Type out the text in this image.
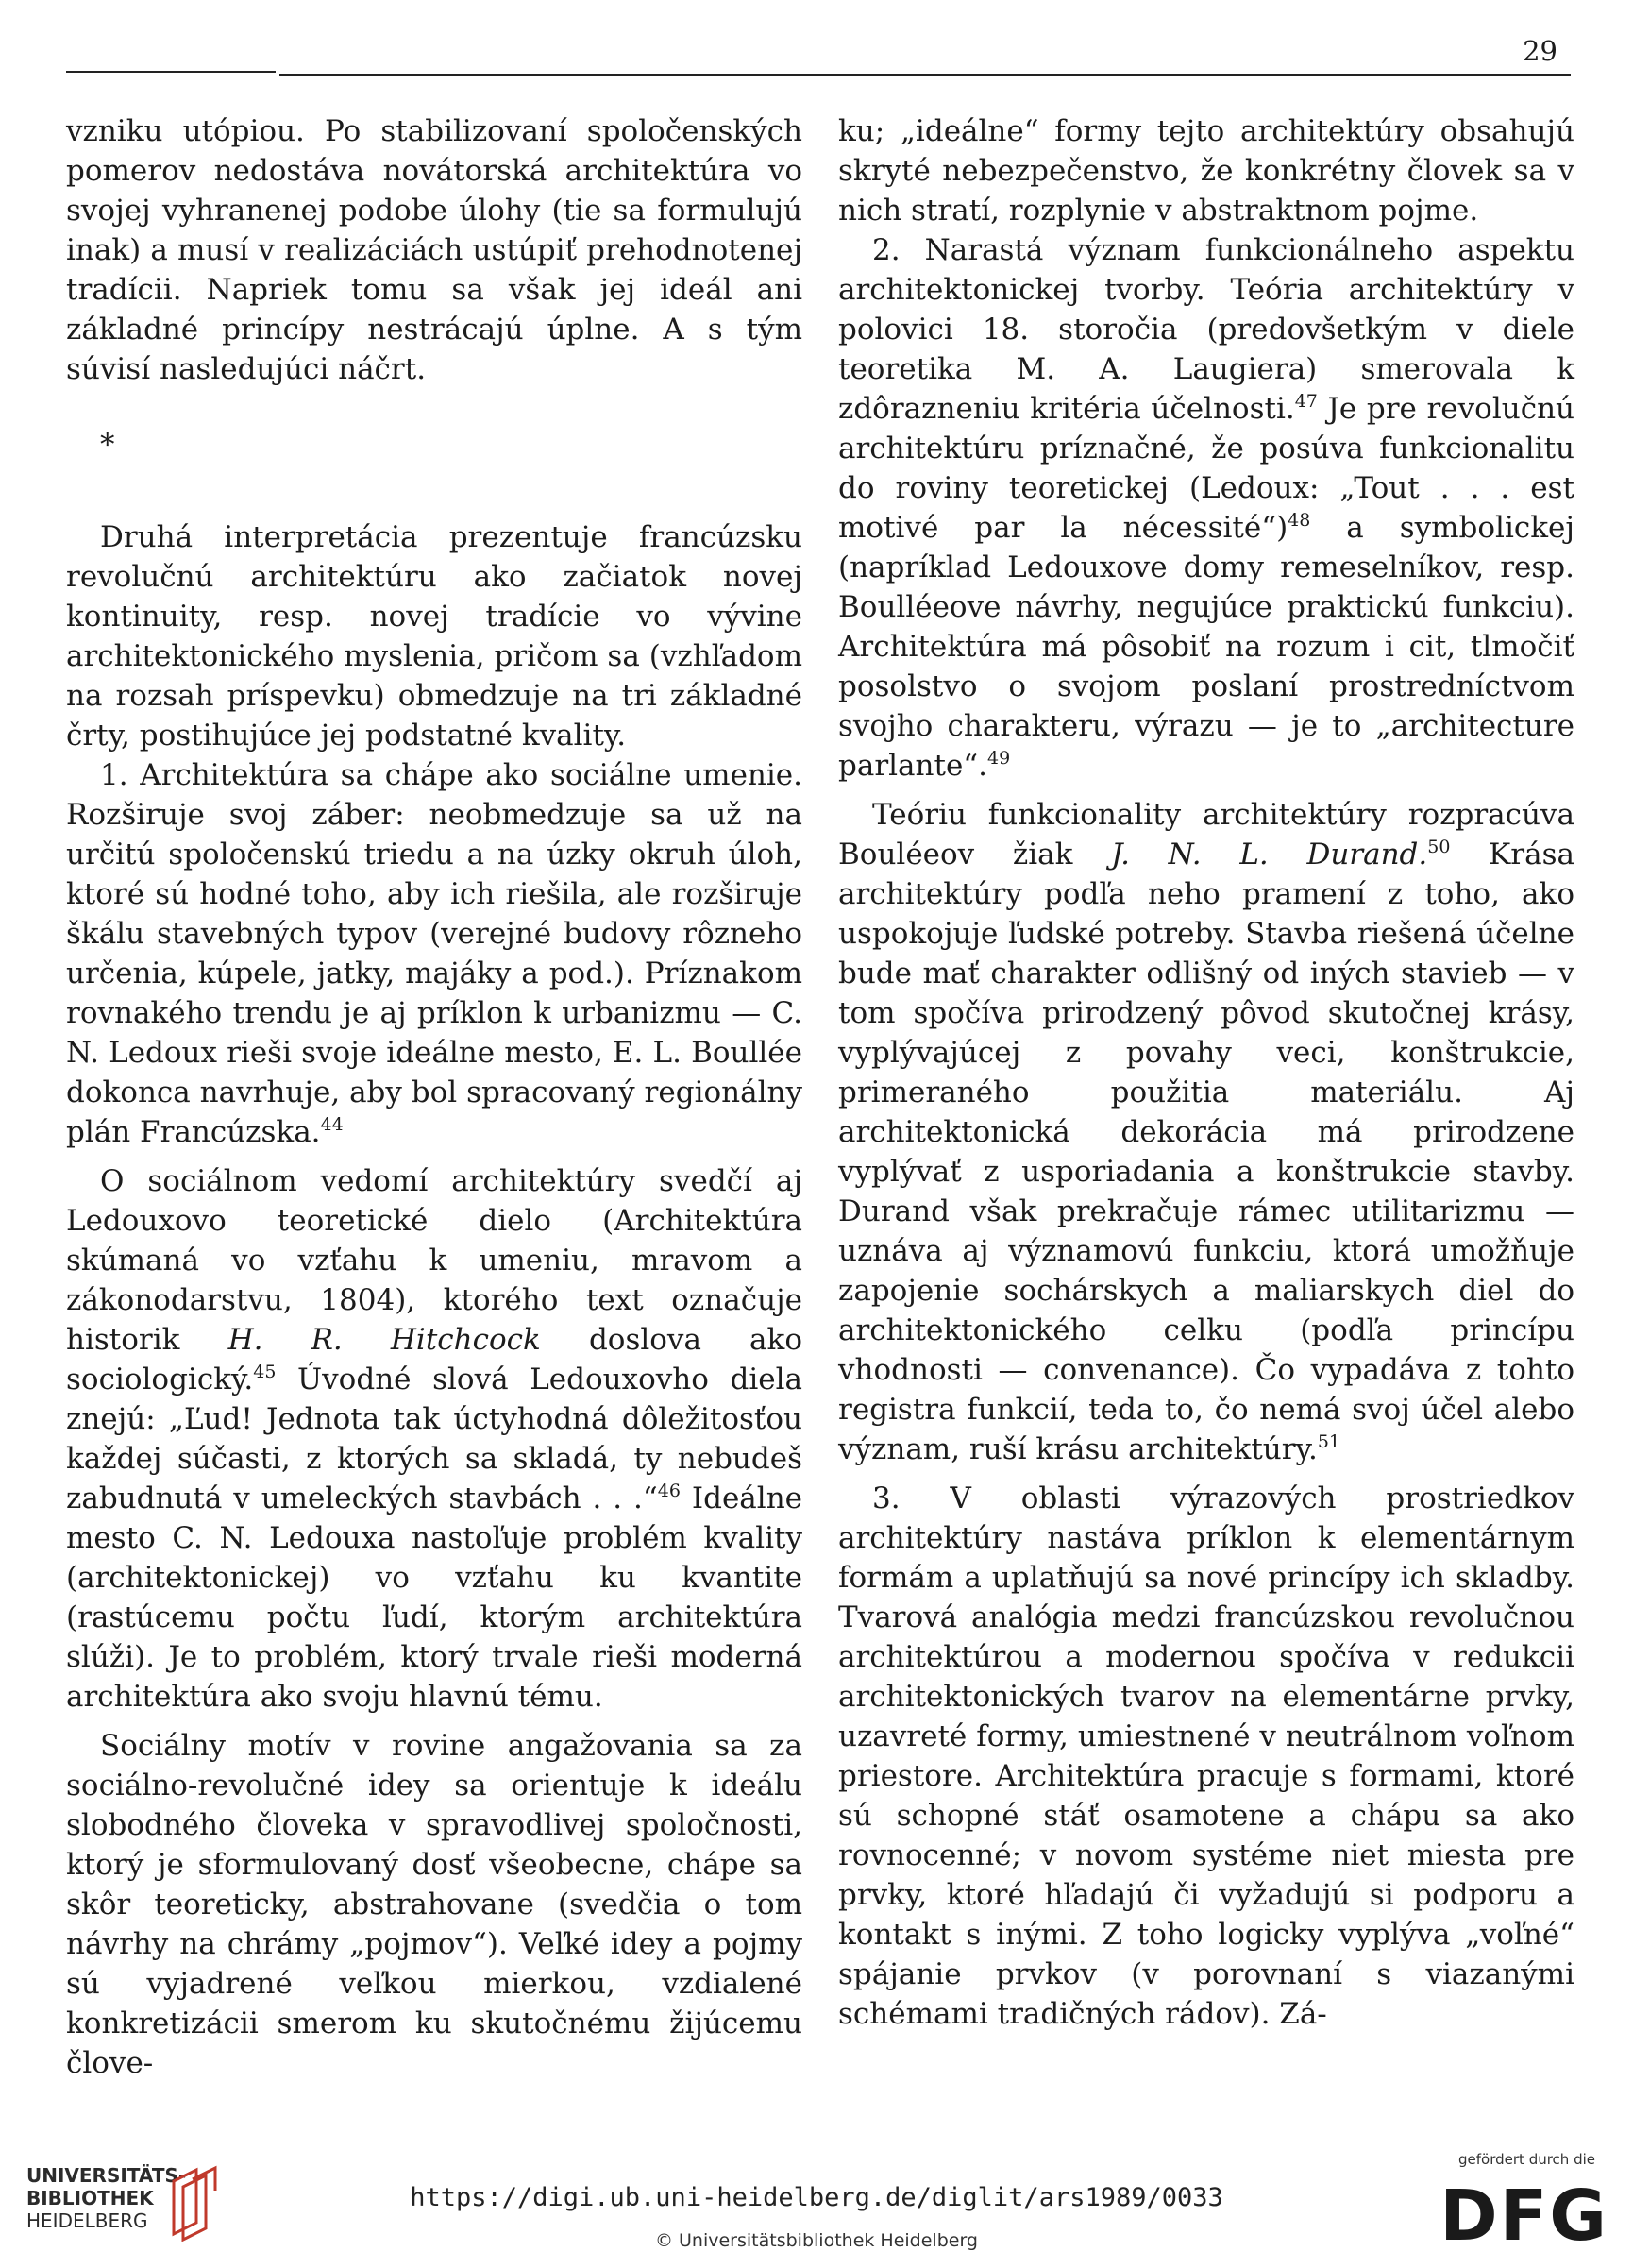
29

vzniku utópiou. Po stabilizovaní spoločenských pomerov nedostáva novátorská architektúra vo svojej vyhranenej podobe úlohy (tie sa formulujú inak) a musí v realizáciách ustúpiť prehodnotenej tradícii. Napriek tomu sa však jej ideál ani základné princípy nestrácajú úplne. A s tým súvisí nasledujúci náčrt.

*

Druhá interpretácia prezentuje francúzsku revolučnú architektúru ako začiatok novej kontinuity, resp. novej tradície vo vývine architektonického myslenia, pričom sa (vzhľadom na rozsah príspevku) obmedzuje na tri základné črty, postihujúce jej podstatné kvality.

1. Architektúra sa chápe ako sociálne umenie. Rozširuje svoj záber: neobmedzuje sa už na určitú spoločenskú triedu a na úzky okruh úloh, ktoré sú hodné toho, aby ich riešila, ale rozširuje škálu stavebných typov (verejné budovy rôzneho určenia, kúpele, jatky, majáky a pod.). Príznakom rovnakého trendu je aj príklon k urbanizmu — C. N. Ledoux rieši svoje ideálne mesto, E. L. Boullée dokonca navrhuje, aby bol spracovaný regionálny plán Francúzska.$^{44}$

O sociálnom vedomí architektúry svedčí aj Ledouxovo teoretické dielo (Architektúra skúmaná vo vzťahu k umeniu, mravom a zákonodarstvu, 1804), ktorého text označuje historik H. R. Hitchcock doslova ako sociologický.$^{45}$ Úvodné slová Ledouxovho diela znejú: „Ľud! Jednota tak úctyhodná dôležitosťou každej súčasti, z ktorých sa skladá, ty nebudeš zabudnutá v umeleckých stavbách . . .“$^{46}$ Ideálne mesto C. N. Ledouxa nastoľuje problém kvality (architektonickej) vo vzťahu ku kvantite (rastúcemu počtu ľudí, ktorým architektúra slúži). Je to problém, ktorý trvale rieši moderná architektúra ako svoju hlavnú tému.

Sociálny motív v rovine angažovania sa za sociálno-revolučné idey sa orientuje k ideálu slobodného človeka v spravodlivej spoločnosti, ktorý je sformulovaný dosť všeobecne, chápe sa skôr teoreticky, abstrahovane (svedčia o tom návrhy na chrámy „pojmov“). Veľké idey a pojmy sú vyjadrené veľkou mierkou, vzdialené konkretizácii smerom ku skutočnému žijúcemu člove-

ku; „ideálne“ formy tejto architektúry obsahujú skryté nebezpečenstvo, že konkrétny človek sa v nich stratí, rozplynie v abstraktnom pojme.

2. Narastá význam funkcionálneho aspektu architektonickej tvorby. Teória architektúry v polovici 18. storočia (predovšetkým v diele teoretika M. A. Laugiera) smerovala k zdôrazneniu kritéria účelnosti.$^{47}$ Je pre revolučnú architektúru príznačné, že posúva funkcionalitu do roviny teoretickej (Ledoux: „Tout . . . est motivé par la nécessité“)$^{48}$ a symbolickej (napríklad Ledouxove domy remeselníkov, resp. Boulléeove návrhy, negujúce praktickú funkciu). Architektúra má pôsobiť na rozum i cit, tlmočiť posolstvo o svojom poslaní prostredníctvom svojho charakteru, výrazu — je to „architecture parlante“.$^{49}$

Teóriu funkcionality architektúry rozpracúva Bouléeov žiak J. N. L. Durand.$^{50}$ Krása architektúry podľa neho pramení z toho, ako uspokojuje ľudské potreby. Stavba riešená účelne bude mať charakter odlišný od iných stavieb — v tom spočíva prirodzený pôvod skutočnej krásy, vyplývajúcej z povahy veci, konštrukcie, primeraného použitia materiálu. Aj architektonická dekorácia má prirodzene vyplývať z usporiadania a konštrukcie stavby. Durand však prekračuje rámec utilitarizmu — uznáva aj významovú funkciu, ktorá umožňuje zapojenie sochárskych a maliarskych diel do architektonického celku (podľa princípu vhodnosti — convenance). Čo vypadáva z tohto registra funkcií, teda to, čo nemá svoj účel alebo význam, ruší krásu architektúry.$^{51}$

3. V oblasti výrazových prostriedkov architektúry nastáva príklon k elementárnym formám a uplatňujú sa nové princípy ich skladby. Tvarová analógia medzi francúzskou revolučnou architektúrou a modernou spočíva v redukcii architektonických tvarov na elementárne prvky, uzavreté formy, umiestnené v neutrálnom voľnom priestore. Architektúra pracuje s formami, ktoré sú schopné stáť osamotene a chápu sa ako rovnocenné; v novom systéme niet miesta pre prvky, ktoré hľadajú či vyžadujú si podporu a kontakt s inými. Z toho logicky vyplýva „voľné“ spájanie prvkov (v porovnaní s viazanými schémami tradičných rádov). Zá-

UNIVERSITÄTS-
BIBLIOTHEK
HEIDELBERG
https://digi.ub.uni-heidelberg.de/diglit/ars1989/0033
© Universitätsbibliothek Heidelberg
gefördert durch die
DFG
